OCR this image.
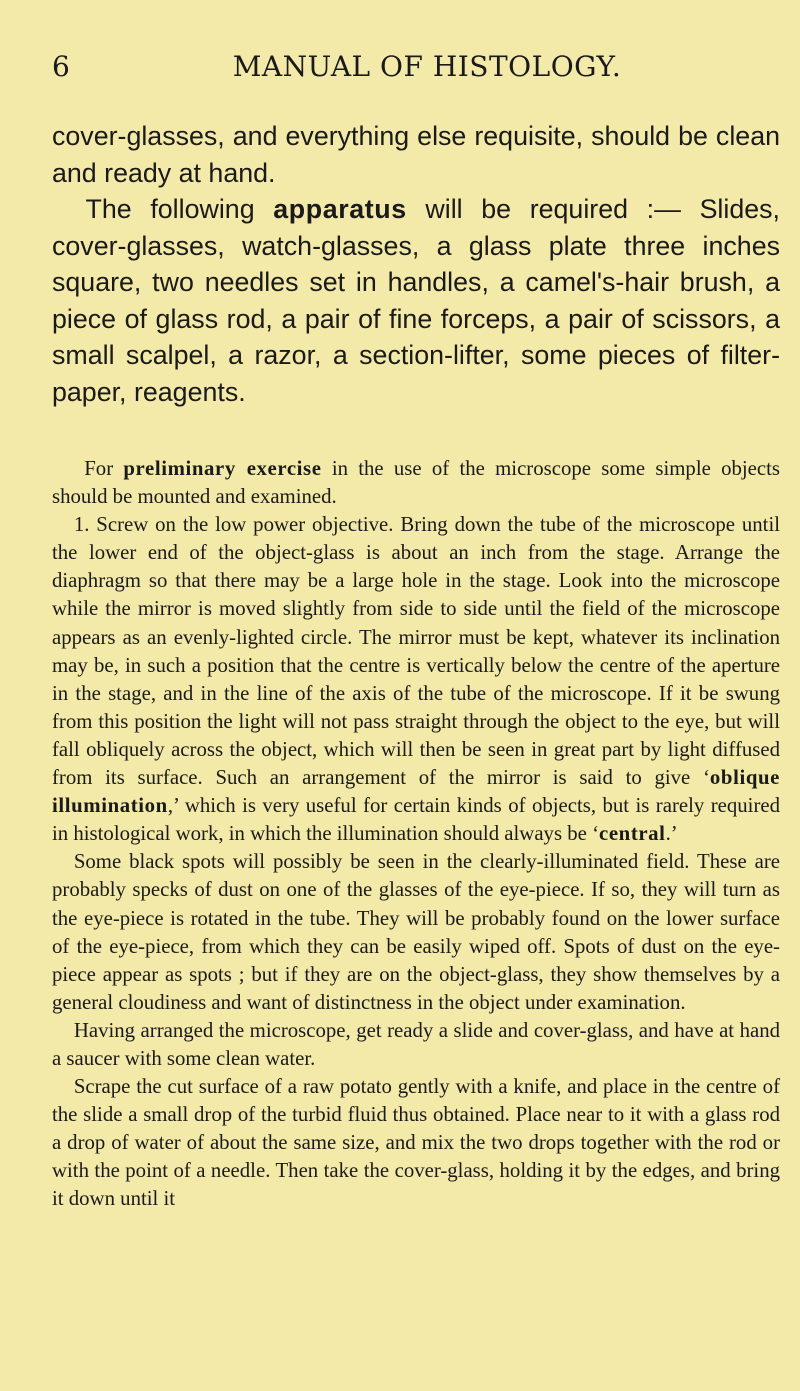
6	MANUAL OF HISTOLOGY.

cover-glasses, and everything else requisite, should be clean and ready at hand.

The following apparatus will be required :— Slides, cover-glasses, watch-glasses, a glass plate three inches square, two needles set in handles, a camel's-hair brush, a piece of glass rod, a pair of fine forceps, a pair of scissors, a small scalpel, a razor, a section-lifter, some pieces of filter-paper, reagents.

For preliminary exercise in the use of the microscope some simple objects should be mounted and examined.

1. Screw on the low power objective. Bring down the tube of the microscope until the lower end of the object-glass is about an inch from the stage. Arrange the diaphragm so that there may be a large hole in the stage. Look into the microscope while the mirror is moved slightly from side to side until the field of the microscope appears as an evenly-lighted circle. The mirror must be kept, whatever its inclination may be, in such a position that the centre is vertically below the centre of the aperture in the stage, and in the line of the axis of the tube of the microscope. If it be swung from this position the light will not pass straight through the object to the eye, but will fall obliquely across the object, which will then be seen in great part by light diffused from its surface. Such an arrangement of the mirror is said to give ‘oblique illumination,’ which is very useful for certain kinds of objects, but is rarely required in histological work, in which the illumination should always be ‘central.’

Some black spots will possibly be seen in the clearly-illuminated field. These are probably specks of dust on one of the glasses of the eye-piece. If so, they will turn as the eye-piece is rotated in the tube. They will be probably found on the lower surface of the eye-piece, from which they can be easily wiped off. Spots of dust on the eye-piece appear as spots ; but if they are on the object-glass, they show themselves by a general cloudiness and want of distinctness in the object under examination.

Having arranged the microscope, get ready a slide and cover-glass, and have at hand a saucer with some clean water.

Scrape the cut surface of a raw potato gently with a knife, and place in the centre of the slide a small drop of the turbid fluid thus obtained. Place near to it with a glass rod a drop of water of about the same size, and mix the two drops together with the rod or with the point of a needle. Then take the cover-glass, holding it by the edges, and bring it down until it
